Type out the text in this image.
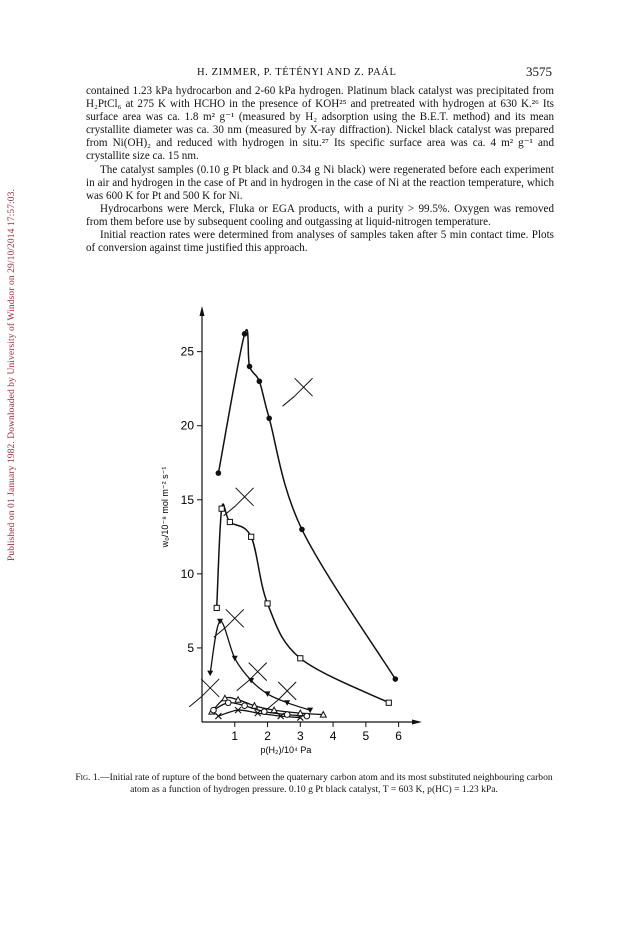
Published on 01 January 1982. Downloaded by University of Windsor on 29/10/2014 17:57:03.
H. ZIMMER, P. TÉTÉNYI AND Z. PAÁL	3575

contained 1.23 kPa hydrocarbon and 2-60 kPa hydrogen. Platinum black catalyst was precipitated from H₂PtCl₆ at 275 K with HCHO in the presence of KOH²⁵ and pretreated with hydrogen at 630 K.²⁶ Its surface area was ca. 1.8 m² g⁻¹ (measured by H₂ adsorption using the B.E.T. method) and its mean crystallite diameter was ca. 30 nm (measured by X-ray diffraction). Nickel black catalyst was prepared from Ni(OH)₂ and reduced with hydrogen in situ.²⁷ Its specific surface area was ca. 4 m² g⁻¹ and crystallite size ca. 15 nm.

The catalyst samples (0.10 g Pt black and 0.34 g Ni black) were regenerated before each experiment in air and hydrogen in the case of Pt and in hydrogen in the case of Ni at the reaction temperature, which was 600 K for Pt and 500 K for Ni.

Hydrocarbons were Merck, Fluka or EGA products, with a purity > 99.5%. Oxygen was removed from them before use by subsequent cooling and outgassing at liquid-nitrogen temperature.

Initial reaction rates were determined from analyses of samples taken after 5 min contact time. Plots of conversion against time justified this approach.

1 2 3 4 5 6
5
10
15
20
25
w₀/10⁻⁸ mol m⁻² s⁻¹
p(H₂)/10⁴ Pa
Fig. 1.—Initial rate of rupture of the bond between the quaternary carbon atom and its most substituted neighbouring carbon atom as a function of hydrogen pressure. 0.10 g Pt black catalyst, T = 603 K, p(HC) = 1.23 kPa.
